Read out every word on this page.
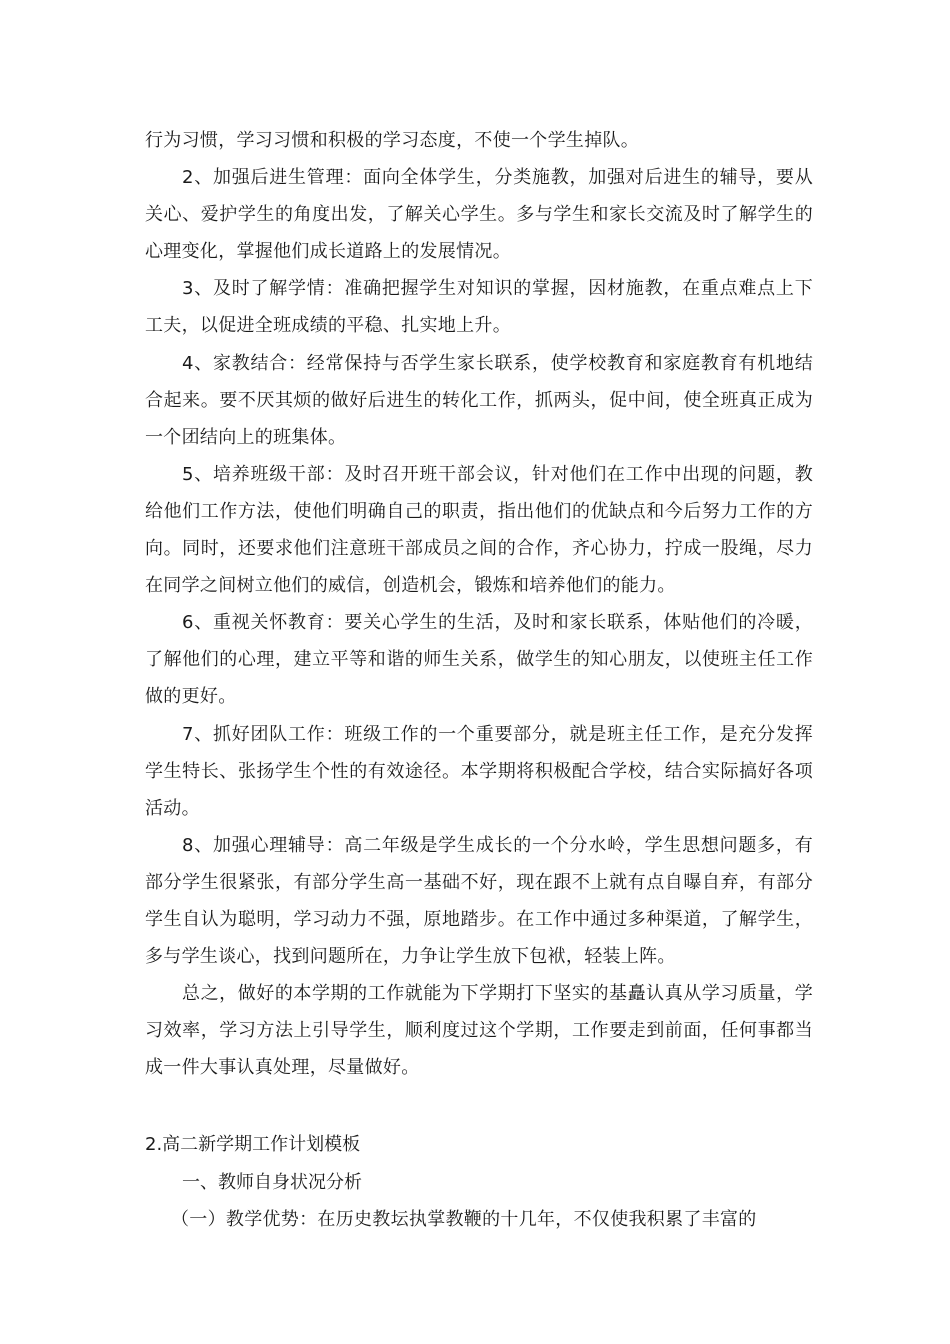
行为习惯，学习习惯和积极的学习态度，不使一个学生掉队。

2、加强后进生管理：面向全体学生，分类施教，加强对后进生的辅导，要从关心、爱护学生的角度出发，了解关心学生。多与学生和家长交流及时了解学生的心理变化，掌握他们成长道路上的发展情况。

3、及时了解学情：准确把握学生对知识的掌握，因材施教，在重点难点上下工夫，以促进全班成绩的平稳、扎实地上升。

4、家教结合：经常保持与否学生家长联系，使学校教育和家庭教育有机地结合起来。要不厌其烦的做好后进生的转化工作，抓两头，促中间，使全班真正成为一个团结向上的班集体。

5、培养班级干部：及时召开班干部会议，针对他们在工作中出现的问题，教给他们工作方法，使他们明确自己的职责，指出他们的优缺点和今后努力工作的方向。同时，还要求他们注意班干部成员之间的合作，齐心协力，拧成一股绳，尽力在同学之间树立他们的威信，创造机会，锻炼和培养他们的能力。

6、重视关怀教育：要关心学生的生活，及时和家长联系，体贴他们的冷暖，了解他们的心理，建立平等和谐的师生关系，做学生的知心朋友，以使班主任工作做的更好。

7、抓好团队工作：班级工作的一个重要部分，就是班主任工作，是充分发挥学生特长、张扬学生个性的有效途径。本学期将积极配合学校，结合实际搞好各项活动。

8、加强心理辅导：高二年级是学生成长的一个分水岭，学生思想问题多，有部分学生很紧张，有部分学生高一基础不好，现在跟不上就有点自曝自弃，有部分学生自认为聪明，学习动力不强，原地踏步。在工作中通过多种渠道，了解学生，多与学生谈心，找到问题所在，力争让学生放下包袱，轻装上阵。

总之，做好的本学期的工作就能为下学期打下坚实的基矗认真从学习质量，学习效率，学习方法上引导学生，顺利度过这个学期，工作要走到前面，任何事都当成一件大事认真处理，尽量做好。

2.高二新学期工作计划模板

一、教师自身状况分析

（一）教学优势：在历史教坛执掌教鞭的十几年，不仅使我积累了丰富的
